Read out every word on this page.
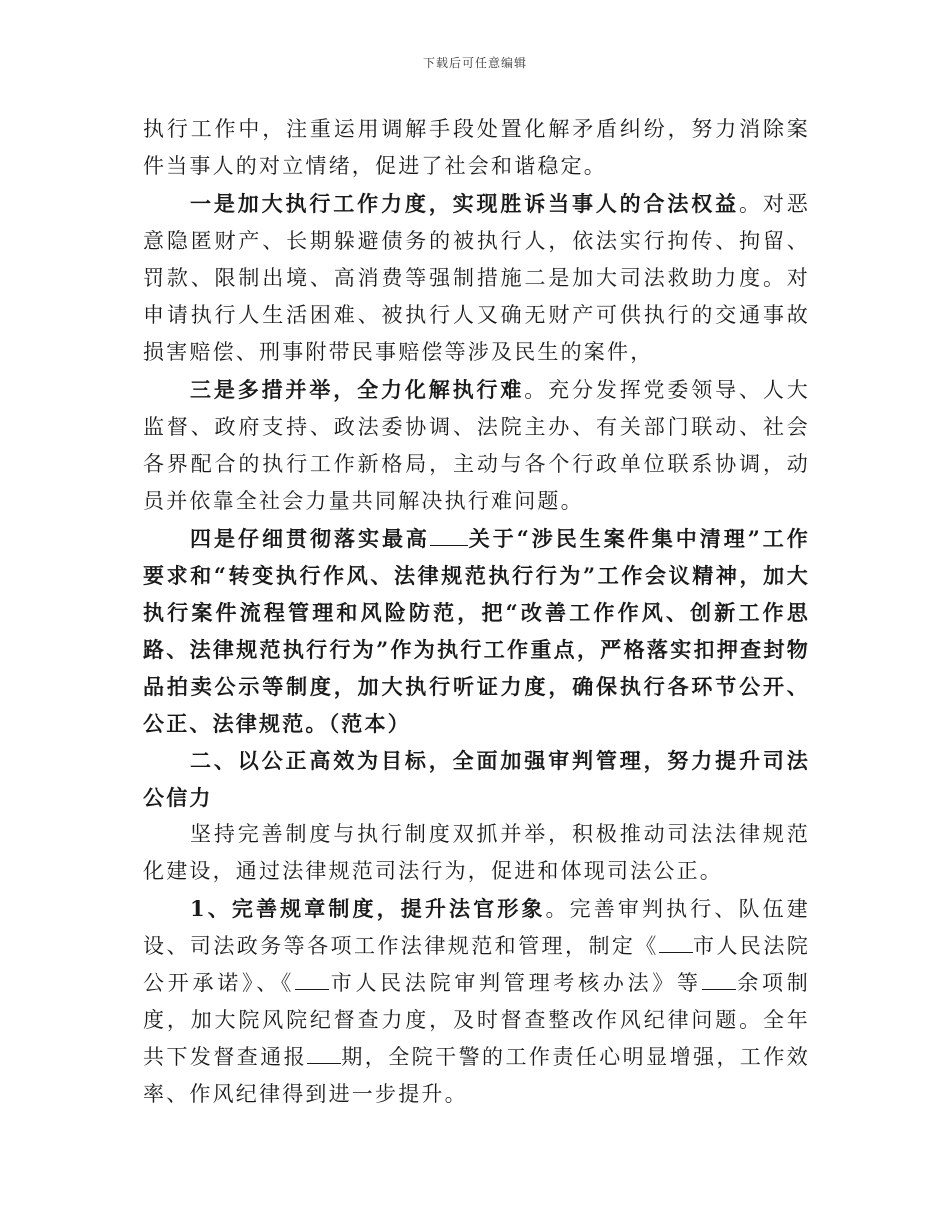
下载后可任意编辑

执行工作中，注重运用调解手段处置化解矛盾纠纷，努力消除案件当事人的对立情绪，促进了社会和谐稳定。

一是加大执行工作力度，实现胜诉当事人的合法权益。对恶意隐匿财产、长期躲避债务的被执行人，依法实行拘传、拘留、罚款、限制出境、高消费等强制措施二是加大司法救助力度。对申请执行人生活困难、被执行人又确无财产可供执行的交通事故损害赔偿、刑事附带民事赔偿等涉及民生的案件，

三是多措并举，全力化解执行难。充分发挥党委领导、人大监督、政府支持、政法委协调、法院主办、有关部门联动、社会各界配合的执行工作新格局，主动与各个行政单位联系协调，动员并依靠全社会力量共同解决执行难问题。

四是仔细贯彻落实最高 关于“涉民生案件集中清理”工作要求和“转变执行作风、法律规范执行行为”工作会议精神，加大执行案件流程管理和风险防范，把“改善工作作风、创新工作思路、法律规范执行行为”作为执行工作重点，严格落实扣押查封物品拍卖公示等制度，加大执行听证力度，确保执行各环节公开、公正、法律规范。（范本）

二、以公正高效为目标，全面加强审判管理，努力提升司法公信力

坚持完善制度与执行制度双抓并举，积极推动司法法律规范化建设，通过法律规范司法行为，促进和体现司法公正。

1、完善规章制度，提升法官形象。完善审判执行、队伍建设、司法政务等各项工作法律规范和管理，制定《 市人民法院公开承诺》、《 市人民法院审判管理考核办法》等 余项制度，加大院风院纪督查力度，及时督查整改作风纪律问题。全年共下发督查通报 期，全院干警的工作责任心明显增强，工作效率、作风纪律得到进一步提升。
